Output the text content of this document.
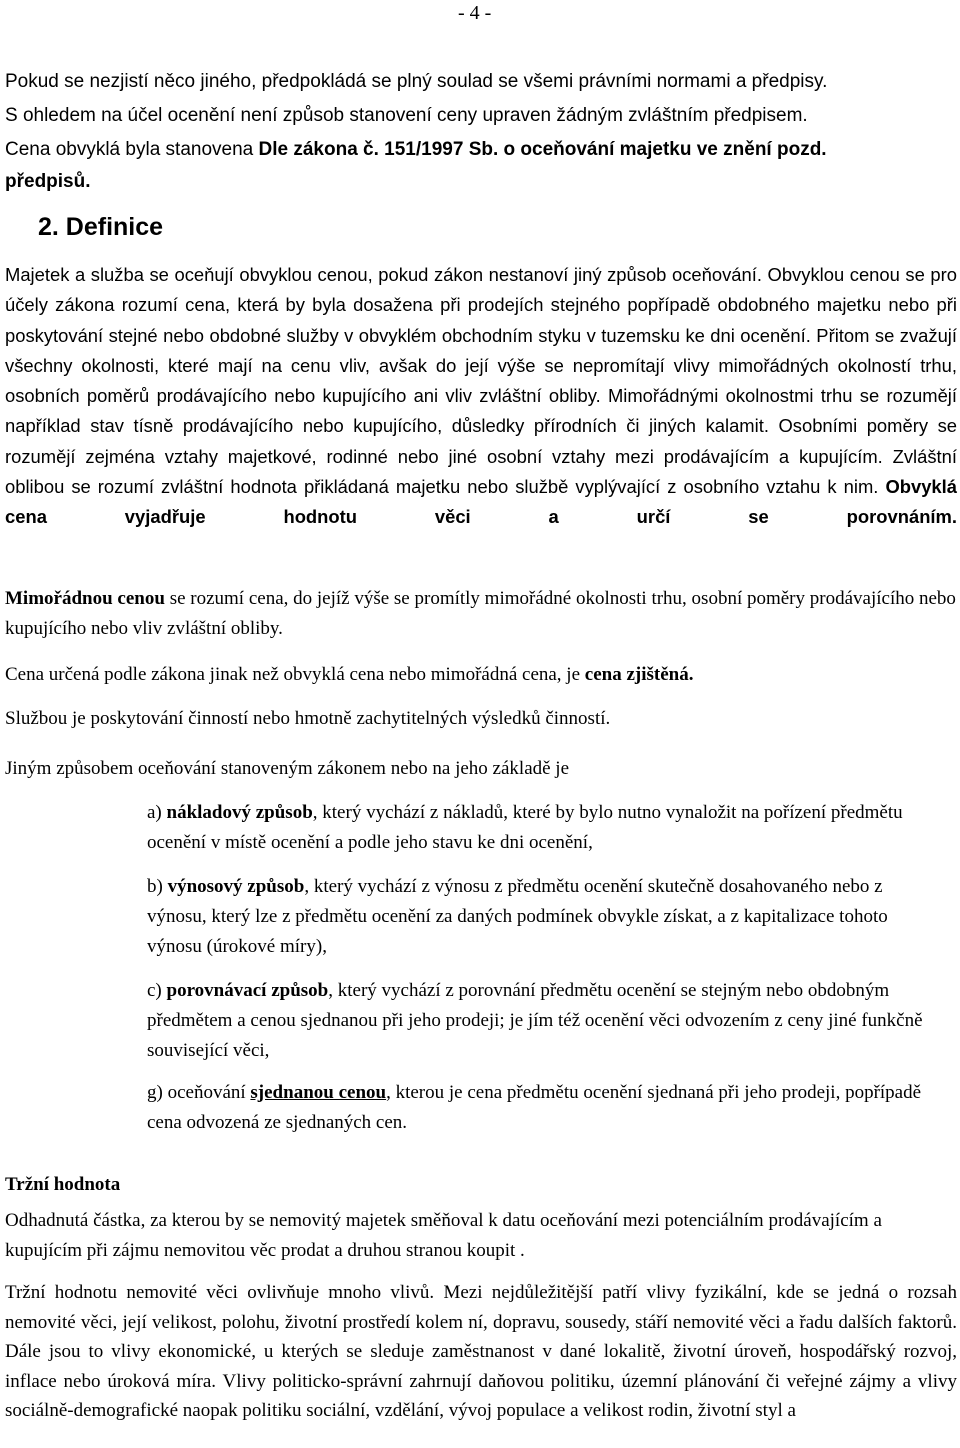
- 4 -
Pokud se nezjistí něco jiného, předpokládá se plný soulad se všemi právními normami a předpisy.
S ohledem na účel ocenění není způsob stanovení ceny upraven žádným zvláštním předpisem.
Cena obvyklá byla stanovena Dle zákona č. 151/1997 Sb. o oceňování majetku ve znění pozd.
předpisů.
2. Definice

Majetek a služba se oceňují obvyklou cenou, pokud zákon nestanoví jiný způsob oceňování. Obvyklou cenou se pro účely zákona rozumí cena, která by byla dosažena při prodejích stejného popřípadě obdobného majetku nebo při poskytování stejné nebo obdobné služby v obvyklém obchodním styku v tuzemsku ke dni ocenění. Přitom se zvažují všechny okolnosti, které mají na cenu vliv, avšak do její výše se nepromítají vlivy mimořádných okolností trhu, osobních poměrů prodávajícího nebo kupujícího ani vliv zvláštní obliby. Mimořádnými okolnostmi trhu se rozumějí například stav tísně prodávajícího nebo kupujícího, důsledky přírodních či jiných kalamit. Osobními poměry se rozumějí zejména vztahy majetkové, rodinné nebo jiné osobní vztahy mezi prodávajícím a kupujícím. Zvláštní oblibou se rozumí zvláštní hodnota přikládaná majetku nebo službě vyplývající z osobního vztahu k nim. Obvyklá cena vyjadřuje hodnotu věci a určí se porovnáním.

Mimořádnou cenou se rozumí cena, do jejíž výše se promítly mimořádné okolnosti trhu, osobní poměry prodávajícího nebo kupujícího nebo vliv zvláštní obliby.
Cena určená podle zákona jinak než obvyklá cena nebo mimořádná cena, je cena zjištěná.
Službou je poskytování činností nebo hmotně zachytitelných výsledků činností.
Jiným způsobem oceňování stanoveným zákonem nebo na jeho základě je
a) nákladový způsob, který vychází z nákladů, které by bylo nutno vynaložit na pořízení předmětu ocenění v místě ocenění a podle jeho stavu ke dni ocenění,
b) výnosový způsob, který vychází z výnosu z předmětu ocenění skutečně dosahovaného nebo z výnosu, který lze z předmětu ocenění za daných podmínek obvykle získat, a z kapitalizace tohoto výnosu (úrokové míry),
c) porovnávací způsob, který vychází z porovnání předmětu ocenění se stejným nebo obdobným předmětem a cenou sjednanou při jeho prodeji; je jím též ocenění věci odvozením z ceny jiné funkčně související věci,
g) oceňování sjednanou cenou, kterou je cena předmětu ocenění sjednaná při jeho prodeji, popřípadě cena odvozená ze sjednaných cen.
Tržní hodnota
Odhadnutá částka, za kterou by se nemovitý majetek směňoval k datu oceňování mezi potenciálním prodávajícím a kupujícím při zájmu nemovitou věc prodat a druhou stranou koupit .
Tržní hodnotu nemovité věci ovlivňuje mnoho vlivů. Mezi nejdůležitější patří vlivy fyzikální, kde se jedná o rozsah nemovité věci, její velikost, polohu, životní prostředí kolem ní, dopravu, sousedy, stáří nemovité věci a řadu dalších faktorů. Dále jsou to vlivy ekonomické, u kterých se sleduje zaměstnanost v dané lokalitě, životní úroveň, hospodářský rozvoj, inflace nebo úroková míra. Vlivy politicko-správní zahrnují daňovou politiku, územní plánování či veřejné zájmy a vlivy sociálně-demografické naopak politiku sociální, vzdělání, vývoj populace a velikost rodin, životní styl a
